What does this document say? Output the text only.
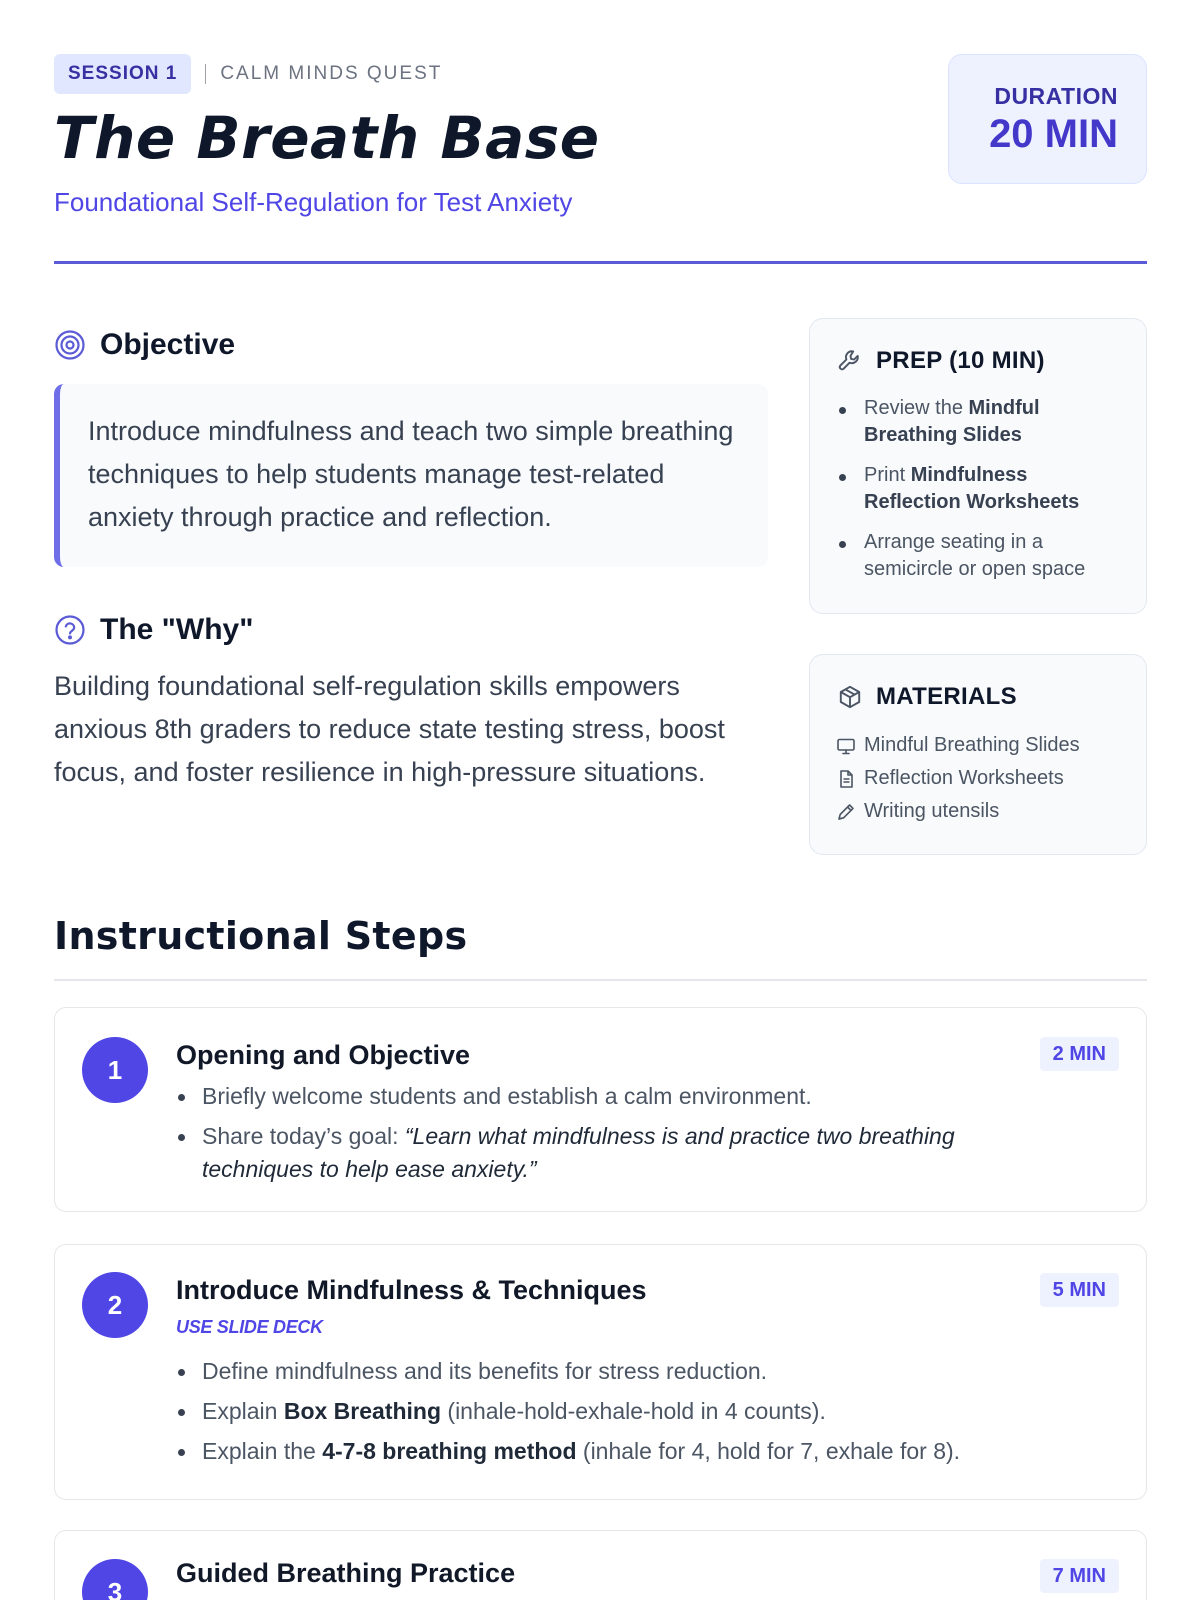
SESSION 1	CALM MINDS QUEST
The Breath Base
Foundational Self-Regulation for Test Anxiety
DURATION
20 MIN
Objective
Introduce mindfulness and teach two simple breathing techniques to help students manage test-related anxiety through practice and reflection.
The "Why"

Building foundational self-regulation skills empowers anxious 8th graders to reduce state testing stress, boost focus, and foster resilience in high-pressure situations.

PREP (10 MIN)
Review the Mindful Breathing Slides
Print Mindfulness Reflection Worksheets
Arrange seating in a semicircle or open space
MATERIALS
Mindful Breathing Slides
Reflection Worksheets
Writing utensils
Instructional Steps
1	Opening and Objective	2 MIN
Briefly welcome students and establish a calm environment.
Share today’s goal: “Learn what mindfulness is and practice two breathing techniques to help ease anxiety.”
2	Introduce Mindfulness & Techniques	5 MIN
USE SLIDE DECK
Define mindfulness and its benefits for stress reduction.
Explain Box Breathing (inhale-hold-exhale-hold in 4 counts).
Explain the 4-7-8 breathing method (inhale for 4, hold for 7, exhale for 8).
3
Guided Breathing Practice	7 MIN
